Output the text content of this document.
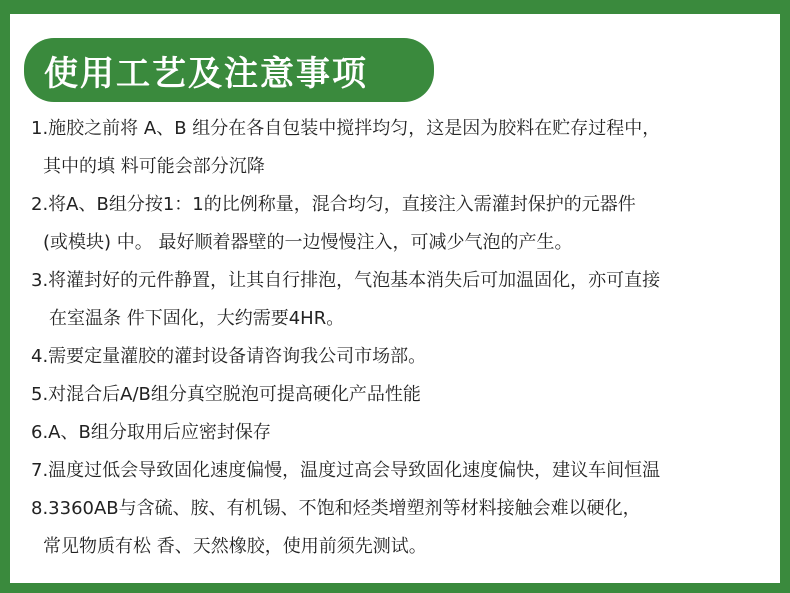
使用工艺及注意事项
1.施胶之前将 A、B 组分在各自包装中搅拌均匀，这是因为胶料在贮存过程中，
其中的填 料可能会部分沉降
2.将A、B组分按1：1的比例称量，混合均匀，直接注入需灌封保护的元器件
(或模块) 中。 最好顺着器壁的一边慢慢注入，可减少气泡的产生。
3.将灌封好的元件静置，让其自行排泡，气泡基本消失后可加温固化，亦可直接
在室温条 件下固化，大约需要4HR。
4.需要定量灌胶的灌封设备请咨询我公司市场部。
5.对混合后A/B组分真空脱泡可提高硬化产品性能
6.A、B组分取用后应密封保存
7.温度过低会导致固化速度偏慢，温度过高会导致固化速度偏快，建议车间恒温
8.3360AB与含硫、胺、有机锡、不饱和烃类增塑剂等材料接触会难以硬化，
常见物质有松 香、天然橡胶，使用前须先测试。
